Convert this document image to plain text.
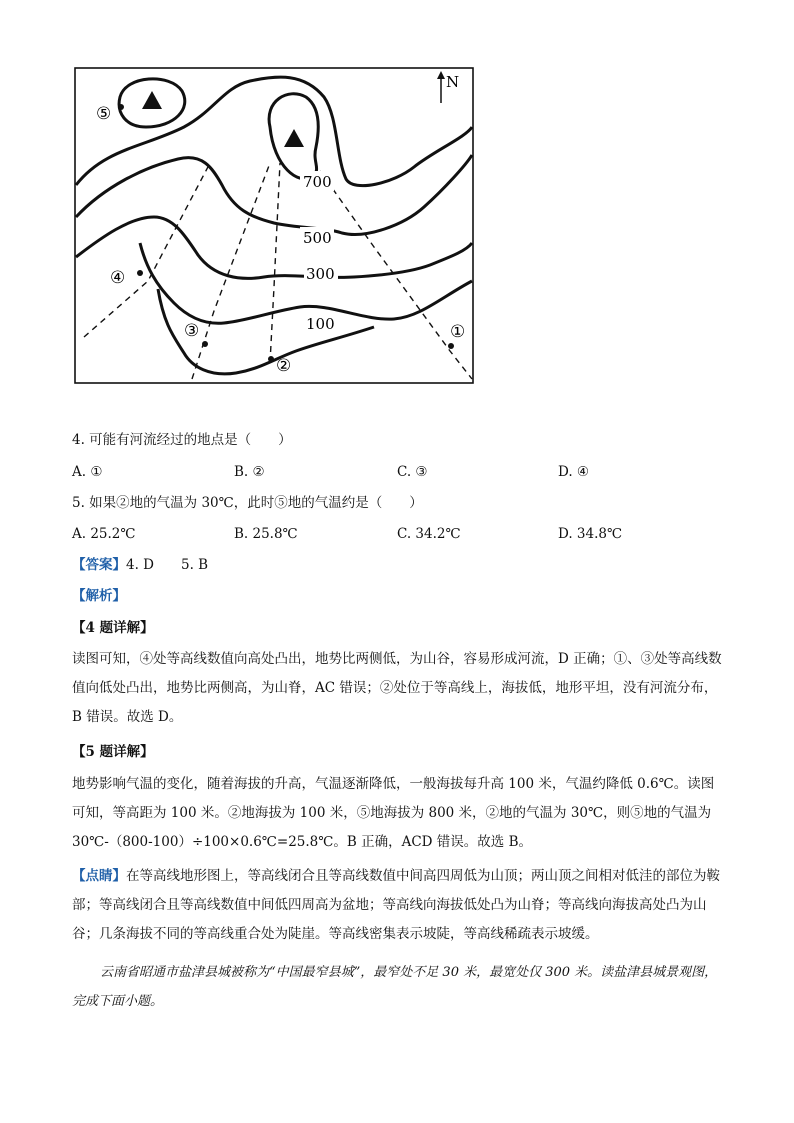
N
700
500
300
100
⑤
④
③
②
①
4. 可能有河流经过的地点是（　　）
A. ①	B. ②	C. ③	D. ④
5. 如果②地的气温为 30℃，此时⑤地的气温约是（　　）
A. 25.2℃	B. 25.8℃	C. 34.2℃	D. 34.8℃
【答案】4. D　　5. B
【解析】
【4 题详解】
读图可知，④处等高线数值向高处凸出，地势比两侧低，为山谷，容易形成河流，D 正确；①、③处等高线数值向低处凸出，地势比两侧高，为山脊，AC 错误；②处位于等高线上，海拔低，地形平坦，没有河流分布，B 错误。故选 D。
【5 题详解】
地势影响气温的变化，随着海拔的升高，气温逐渐降低，一般海拔每升高 100 米，气温约降低 0.6℃。读图可知，等高距为 100 米。②地海拔为 100 米，⑤地海拔为 800 米，②地的气温为 30℃，则⑤地的气温为 30℃-（800-100）÷100×0.6℃=25.8℃。B 正确，ACD 错误。故选 B。
【点睛】在等高线地形图上，等高线闭合且等高线数值中间高四周低为山顶；两山顶之间相对低洼的部位为鞍部；等高线闭合且等高线数值中间低四周高为盆地；等高线向海拔低处凸为山脊；等高线向海拔高处凸为山谷；几条海拔不同的等高线重合处为陡崖。等高线密集表示坡陡，等高线稀疏表示坡缓。
云南省昭通市盐津县城被称为“中国最窄县城”，最窄处不足 30 米，最宽处仅 300 米。读盐津县城景观图，完成下面小题。
